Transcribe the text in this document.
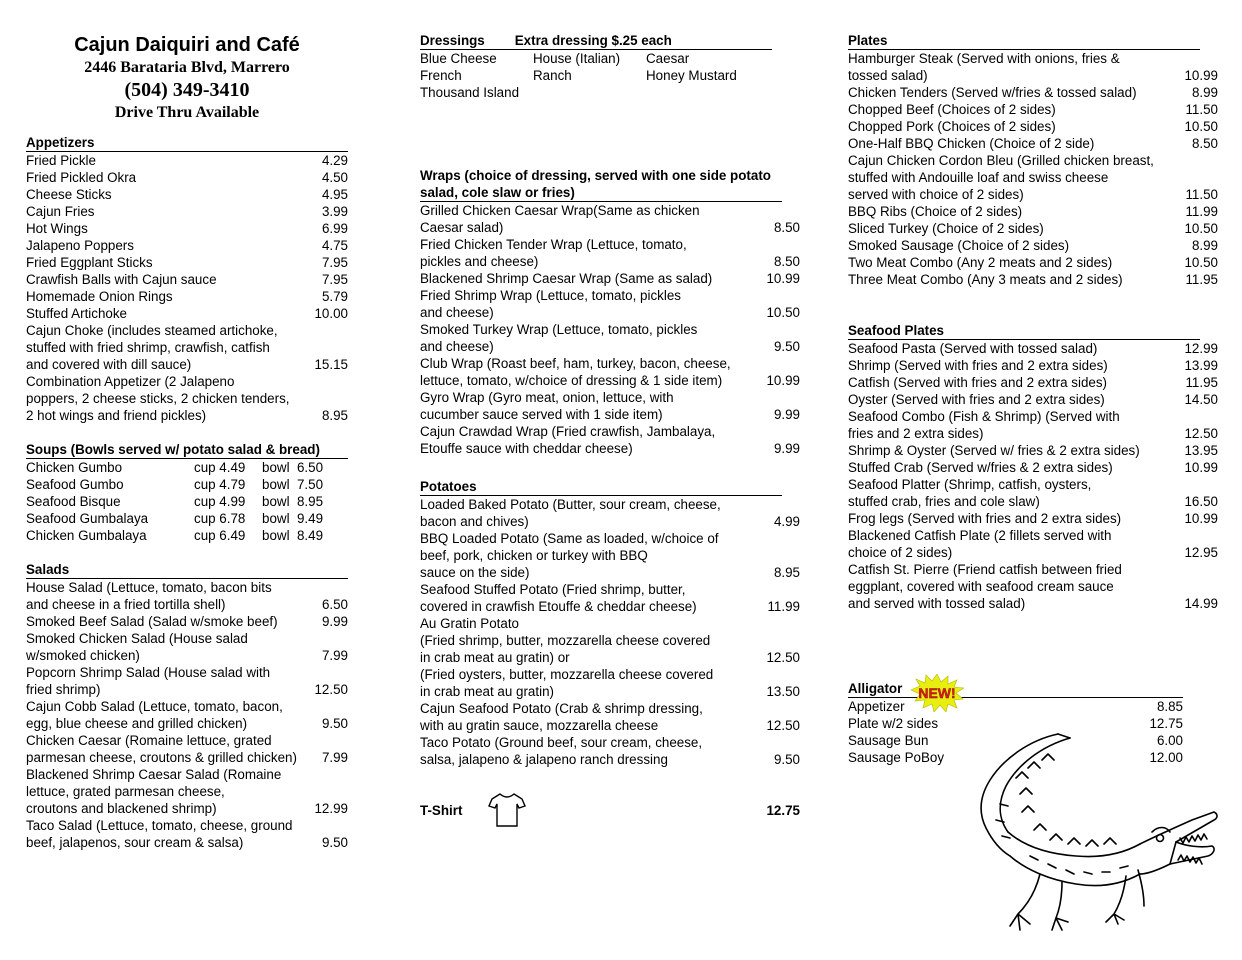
Cajun Daiquiri and Café
2446 Barataria Blvd, Marrero
(504) 349-3410
Drive Thru Available
Appetizers
Fried Pickle	4.29
Fried Pickled Okra	4.50
Cheese Sticks	4.95
Cajun Fries	3.99
Hot Wings	6.99
Jalapeno Poppers	4.75
Fried Eggplant Sticks	7.95
Crawfish Balls with Cajun sauce	7.95
Homemade Onion Rings	5.79
Stuffed Artichoke	10.00
Cajun Choke (includes steamed artichoke,
stuffed with fried shrimp, crawfish, catfish
and covered with dill sauce)	15.15
Combination Appetizer (2 Jalapeno
poppers, 2 cheese sticks, 2 chicken tenders,
2 hot wings and friend pickles)	8.95
Soups (Bowls served w/ potato salad & bread)
Chicken Gumbo	cup 4.49	bowl  6.50
Seafood Gumbo	cup 4.79	bowl  7.50
Seafood Bisque	cup 4.99	bowl  8.95
Seafood Gumbalaya	cup 6.78	bowl  9.49
Chicken Gumbalaya	cup 6.49	bowl  8.49
Salads
House Salad (Lettuce, tomato, bacon bits
and cheese in a fried tortilla shell)	6.50
Smoked Beef Salad (Salad w/smoke beef)	9.99
Smoked Chicken Salad (House salad
w/smoked chicken)	7.99
Popcorn Shrimp Salad (House salad with
fried shrimp)	12.50
Cajun Cobb Salad (Lettuce, tomato, bacon,
egg, blue cheese and grilled chicken)	9.50
Chicken Caesar (Romaine lettuce, grated
parmesan cheese, croutons & grilled chicken)	7.99
Blackened Shrimp Caesar Salad (Romaine
lettuce, grated parmesan cheese,
croutons and blackened shrimp)	12.99
Taco Salad (Lettuce, tomato, cheese, ground
beef, jalapenos, sour cream & salsa)	9.50
Dressings Extra dressing $.25 each
Blue Cheese	House (Italian)	Caesar
French	Ranch	Honey Mustard
Thousand Island
Wraps (choice of dressing, served with one side potato
salad, cole slaw or fries)
Grilled Chicken Caesar Wrap(Same as chicken
Caesar salad)	8.50
Fried Chicken Tender Wrap (Lettuce, tomato,
pickles and cheese)	8.50
Blackened Shrimp Caesar Wrap (Same as salad)	10.99
Fried Shrimp Wrap (Lettuce, tomato, pickles
and cheese)	10.50
Smoked Turkey Wrap (Lettuce, tomato, pickles
and cheese)	9.50
Club Wrap (Roast beef, ham, turkey, bacon, cheese,
lettuce, tomato, w/choice of dressing & 1 side item)	10.99
Gyro Wrap (Gyro meat, onion, lettuce, with
cucumber sauce served with 1 side item)	9.99
Cajun Crawdad Wrap (Fried crawfish, Jambalaya,
Etouffe sauce with cheddar cheese)	9.99
Potatoes
Loaded Baked Potato (Butter, sour cream, cheese,
bacon and chives)	4.99
BBQ Loaded Potato (Same as loaded, w/choice of
beef, pork, chicken or turkey with BBQ
sauce on the side)	8.95
Seafood Stuffed Potato (Fried shrimp, butter,
covered in crawfish Etouffe & cheddar cheese)	11.99
Au Gratin Potato
(Fried shrimp, butter, mozzarella cheese covered
in crab meat au gratin) or	12.50
(Fried oysters, butter, mozzarella cheese covered
in crab meat au gratin)	13.50
Cajun Seafood Potato (Crab & shrimp dressing,
with au gratin sauce, mozzarella cheese	12.50
Taco Potato (Ground beef, sour cream, cheese,
salsa, jalapeno & jalapeno ranch dressing	9.50
T-Shirt	12.75
Plates
Hamburger Steak (Served with onions, fries &
tossed salad)	10.99
Chicken Tenders (Served w/fries & tossed salad)	8.99
Chopped Beef (Choices of 2 sides)	11.50
Chopped Pork (Choices of 2 sides)	10.50
One-Half BBQ Chicken (Choice of 2 side)	8.50
Cajun Chicken Cordon Bleu (Grilled chicken breast,
stuffed with Andouille loaf and swiss cheese
served with choice of 2 sides)	11.50
BBQ Ribs (Choice of 2 sides)	11.99
Sliced Turkey (Choice of 2 sides)	10.50
Smoked Sausage (Choice of 2 sides)	8.99
Two Meat Combo (Any 2 meats and 2 sides)	10.50
Three Meat Combo (Any 3 meats and 2 sides)	11.95
Seafood Plates
Seafood Pasta (Served with tossed salad)	12.99
Shrimp (Served with fries and 2 extra sides)	13.99
Catfish (Served with fries and 2 extra sides)	11.95
Oyster (Served with fries and 2 extra sides)	14.50
Seafood Combo (Fish & Shrimp) (Served with
fries and 2 extra sides)	12.50
Shrimp & Oyster (Served w/ fries & 2 extra sides)	13.95
Stuffed Crab (Served w/fries & 2 extra sides)	10.99
Seafood Platter (Shrimp, catfish, oysters,
stuffed crab, fries and cole slaw)	16.50
Frog legs (Served with fries and 2 extra sides)	10.99
Blackened Catfish Plate (2 fillets served with
choice of 2 sides)	12.95
Catfish St. Pierre (Friend catfish between fried
eggplant, covered with seafood cream sauce
and served with tossed salad)	14.99
Alligator
Appetizer	8.85
Plate w/2 sides	12.75
Sausage Bun	6.00
Sausage PoBoy	12.00
NEW!
